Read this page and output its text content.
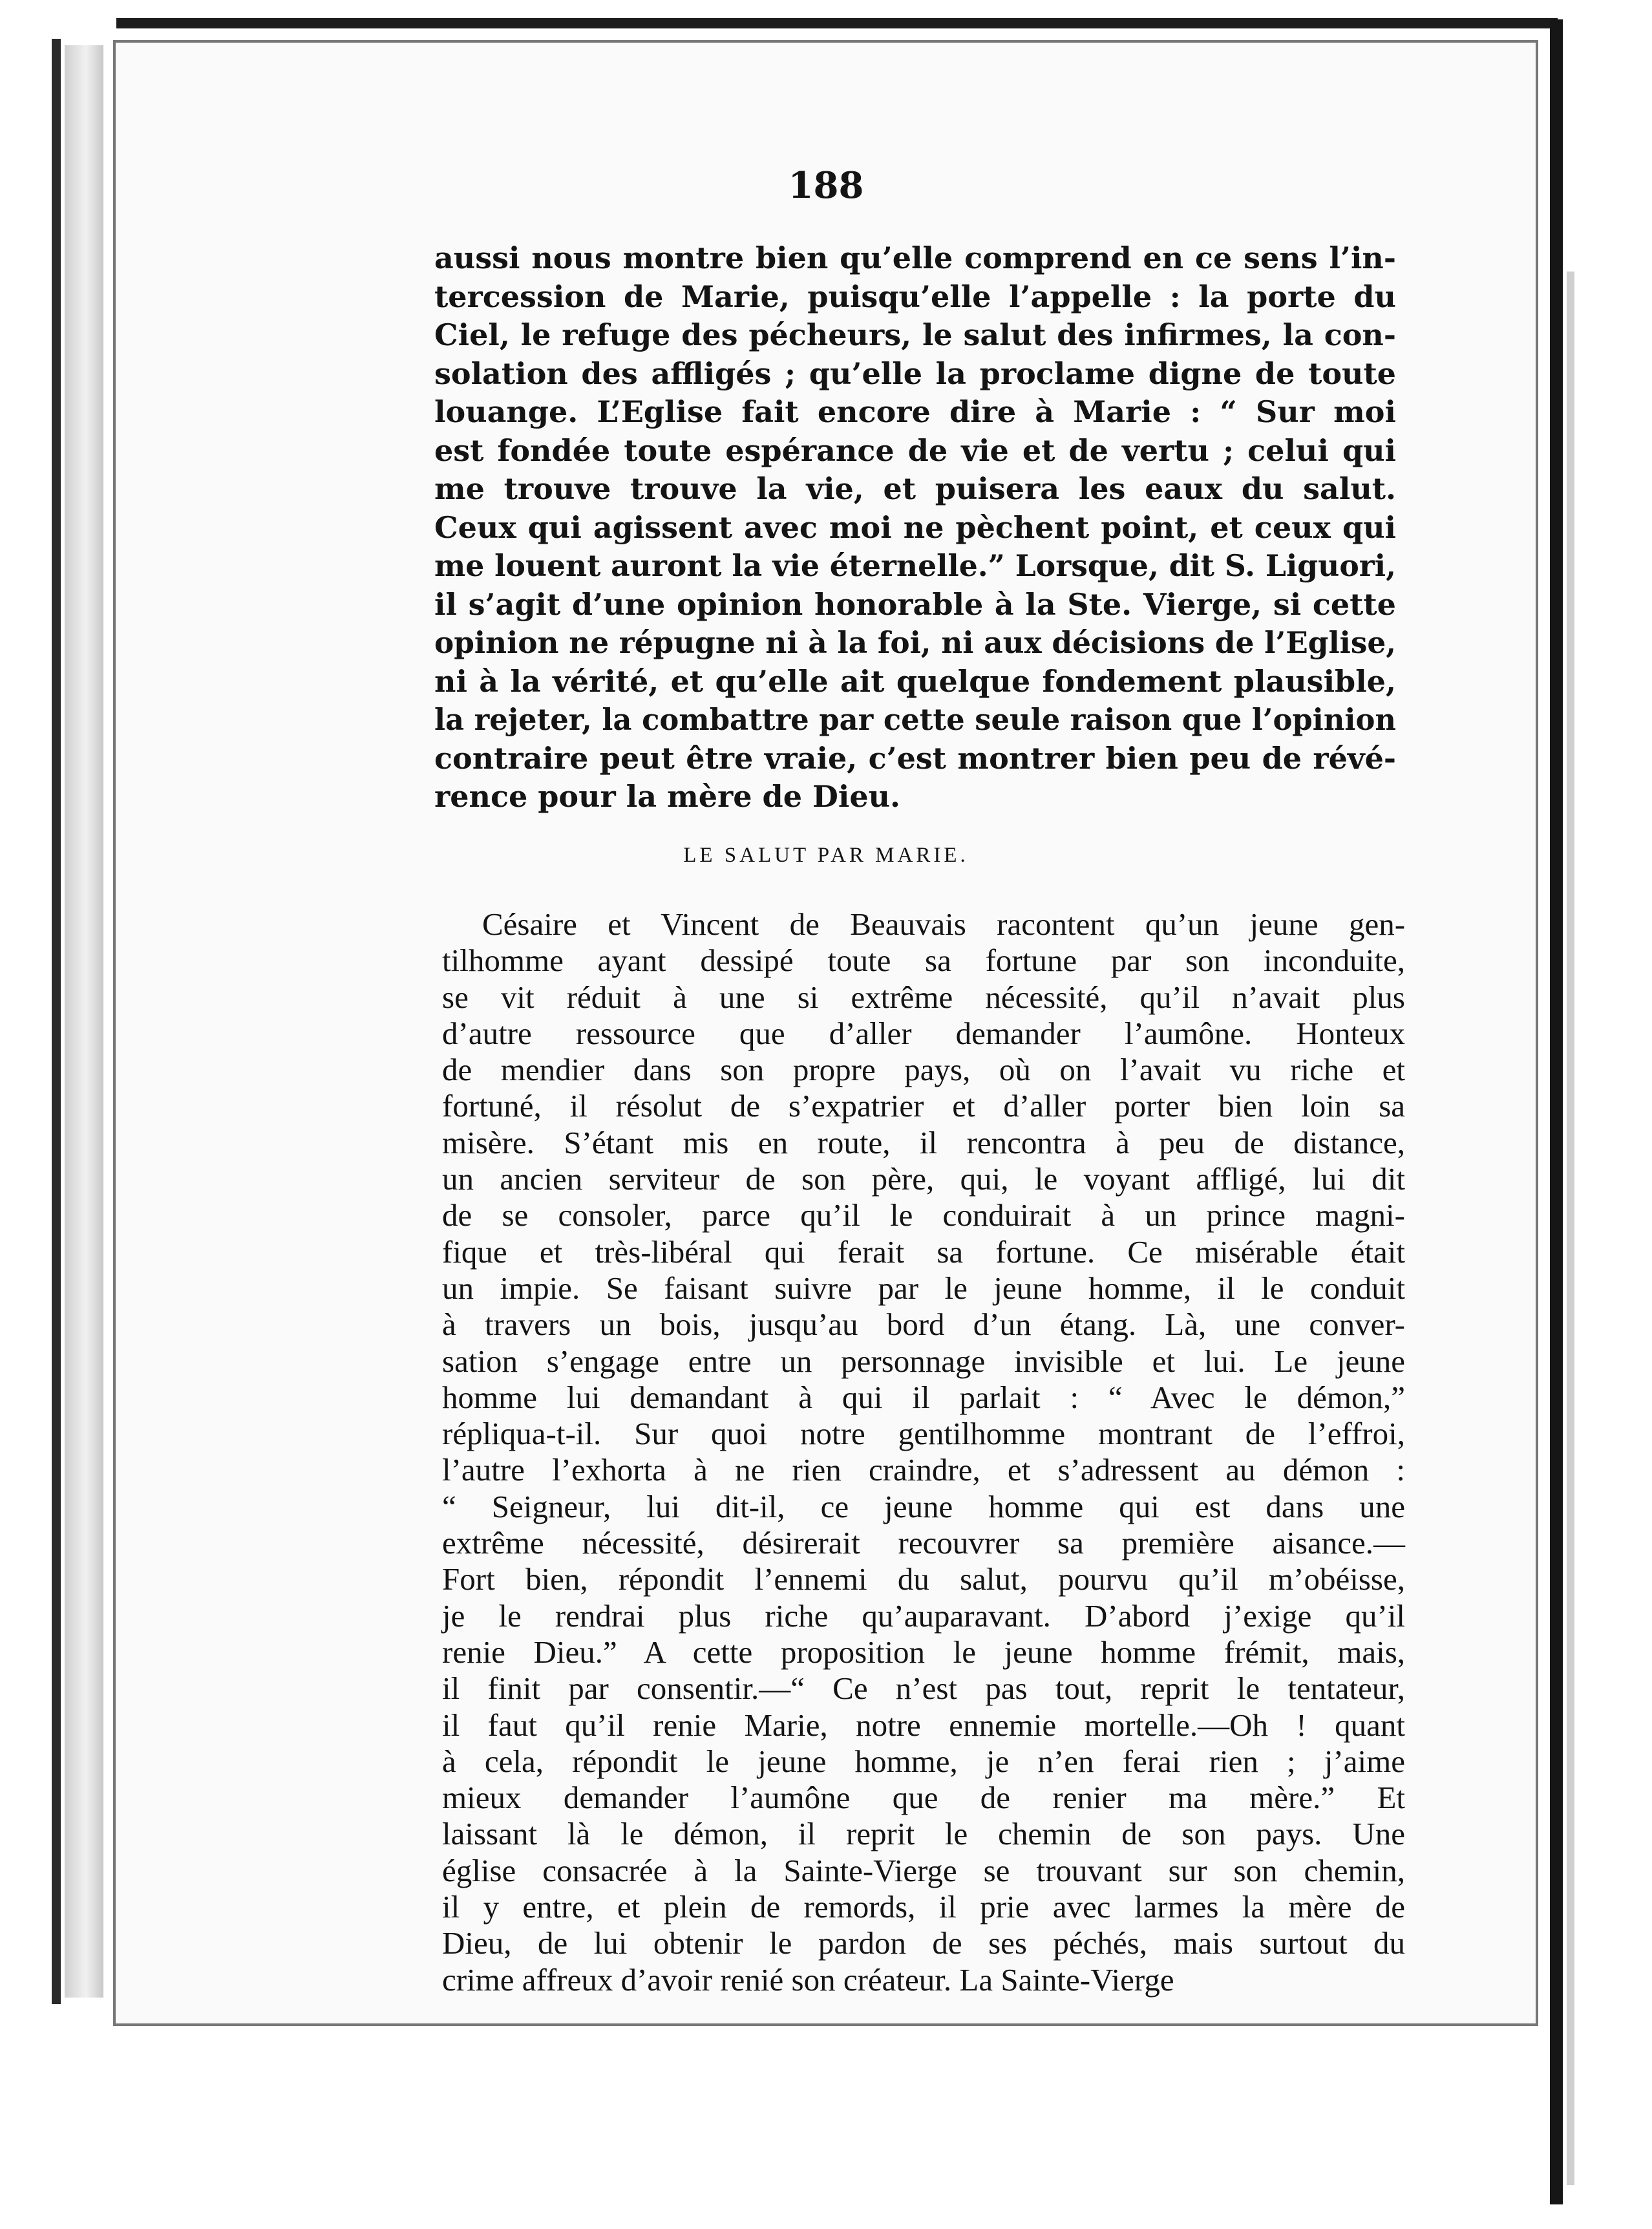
188
aussi nous montre bien qu’elle comprend en ce sens l’in-
tercession de Marie, puisqu’elle l’appelle : la porte du
Ciel, le refuge des pécheurs, le salut des infirmes, la con-
solation des affligés ; qu’elle la proclame digne de toute
louange. L’Eglise fait encore dire à Marie : “ Sur moi
est fondée toute espérance de vie et de vertu ; celui qui
me trouve trouve la vie, et puisera les eaux du salut.
Ceux qui agissent avec moi ne pèchent point, et ceux qui
me louent auront la vie éternelle.” Lorsque, dit S. Liguori,
il s’agit d’une opinion honorable à la Ste. Vierge, si cette
opinion ne répugne ni à la foi, ni aux décisions de l’Eglise,
ni à la vérité, et qu’elle ait quelque fondement plausible,
la rejeter, la combattre par cette seule raison que l’opinion
contraire peut être vraie, c’est montrer bien peu de révé-
rence pour la mère de Dieu.
LE SALUT PAR MARIE.
Césaire et Vincent de Beauvais racontent qu’un jeune gen-
tilhomme ayant dessipé toute sa fortune par son inconduite,
se vit réduit à une si extrême nécessité, qu’il n’avait plus
d’autre ressource que d’aller demander l’aumône. Honteux
de mendier dans son propre pays, où on l’avait vu riche et
fortuné, il résolut de s’expatrier et d’aller porter bien loin sa
misère. S’étant mis en route, il rencontra à peu de distance,
un ancien serviteur de son père, qui, le voyant affligé, lui dit
de se consoler, parce qu’il le conduirait à un prince magni-
fique et très-libéral qui ferait sa fortune. Ce misérable était
un impie. Se faisant suivre par le jeune homme, il le conduit
à travers un bois, jusqu’au bord d’un étang. Là, une conver-
sation s’engage entre un personnage invisible et lui. Le jeune
homme lui demandant à qui il parlait : “ Avec le démon,”
répliqua-t-il. Sur quoi notre gentilhomme montrant de l’effroi,
l’autre l’exhorta à ne rien craindre, et s’adressent au démon :
“ Seigneur, lui dit-il, ce jeune homme qui est dans une
extrême nécessité, désirerait recouvrer sa première aisance.—
Fort bien, répondit l’ennemi du salut, pourvu qu’il m’obéisse,
je le rendrai plus riche qu’auparavant. D’abord j’exige qu’il
renie Dieu.” A cette proposition le jeune homme frémit, mais,
il finit par consentir.—“ Ce n’est pas tout, reprit le tentateur,
il faut qu’il renie Marie, notre ennemie mortelle.—Oh ! quant
à cela, répondit le jeune homme, je n’en ferai rien ; j’aime
mieux demander l’aumône que de renier ma mère.” Et
laissant là le démon, il reprit le chemin de son pays. Une
église consacrée à la Sainte-Vierge se trouvant sur son chemin,
il y entre, et plein de remords, il prie avec larmes la mère de
Dieu, de lui obtenir le pardon de ses péchés, mais surtout du
crime affreux d’avoir renié son créateur. La Sainte-Vierge
